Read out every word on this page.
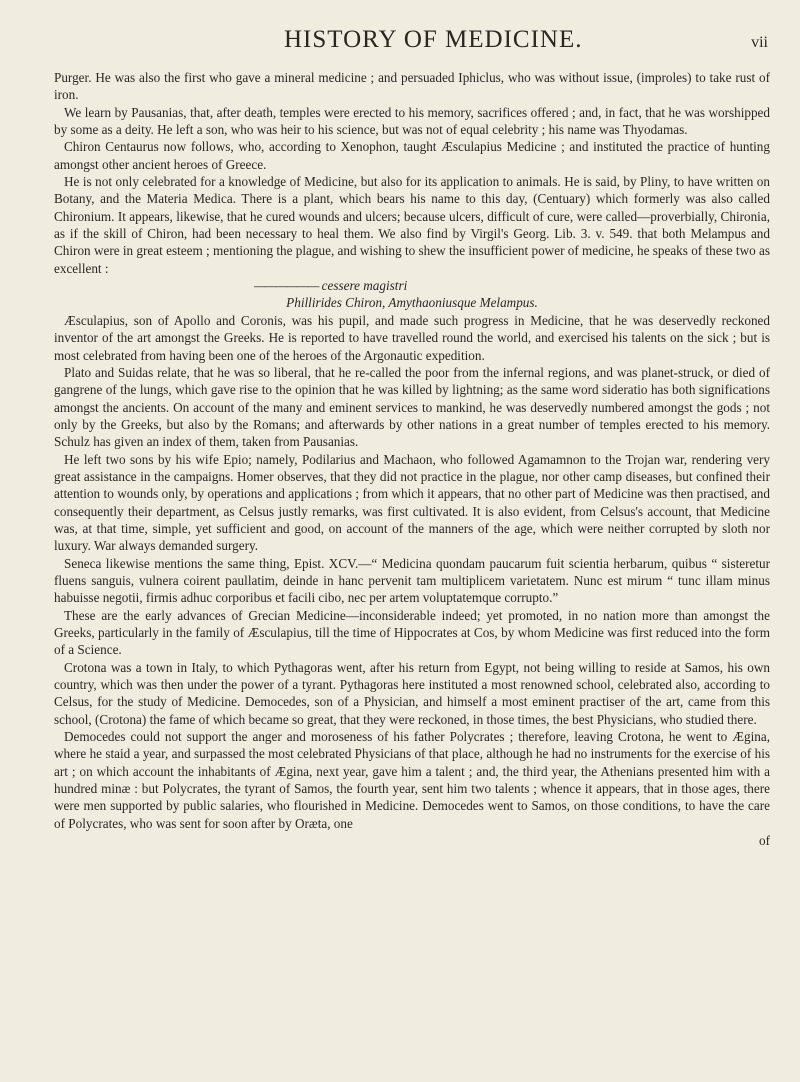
HISTORY OF MEDICINE.	vii

Purger. He was also the first who gave a mineral medicine ; and persuaded Iphiclus, who was without issue, (improles) to take rust of iron.

We learn by Pausanias, that, after death, temples were erected to his memory, sacrifices offered ; and, in fact, that he was worshipped by some as a deity. He left a son, who was heir to his science, but was not of equal celebrity ; his name was Thyodamas.

Chiron Centaurus now follows, who, according to Xenophon, taught Æsculapius Medicine ; and instituted the practice of hunting amongst other ancient heroes of Greece.

He is not only celebrated for a knowledge of Medicine, but also for its application to animals. He is said, by Pliny, to have written on Botany, and the Materia Medica. There is a plant, which bears his name to this day, (Centuary) which formerly was also called Chironium. It appears, likewise, that he cured wounds and ulcers; because ulcers, difficult of cure, were called—proverbially, Chironia, as if the skill of Chiron, had been necessary to heal them. We also find by Virgil's Georg. Lib. 3. v. 549. that both Melampus and Chiron were in great esteem ; mentioning the plague, and wishing to shew the insufficient power of medicine, he speaks of these two as excellent :

—————— cessere magistri

Phillirides Chiron, Amythaoniusque Melampus.

Æsculapius, son of Apollo and Coronis, was his pupil, and made such progress in Medicine, that he was deservedly reckoned inventor of the art amongst the Greeks. He is reported to have travelled round the world, and exercised his talents on the sick ; but is most celebrated from having been one of the heroes of the Argonautic expedition.

Plato and Suidas relate, that he was so liberal, that he re-called the poor from the infernal regions, and was planet-struck, or died of gangrene of the lungs, which gave rise to the opinion that he was killed by lightning; as the same word sideratio has both significations amongst the ancients. On account of the many and eminent services to mankind, he was deservedly numbered amongst the gods ; not only by the Greeks, but also by the Romans; and afterwards by other nations in a great number of temples erected to his memory. Schulz has given an index of them, taken from Pausanias.

He left two sons by his wife Epio; namely, Podilarius and Machaon, who followed Agamamnon to the Trojan war, rendering very great assistance in the campaigns. Homer observes, that they did not practice in the plague, nor other camp diseases, but confined their attention to wounds only, by operations and applications ; from which it appears, that no other part of Medicine was then practised, and consequently their department, as Celsus justly remarks, was first cultivated. It is also evident, from Celsus's account, that Medicine was, at that time, simple, yet sufficient and good, on account of the manners of the age, which were neither corrupted by sloth nor luxury. War always demanded surgery.

Seneca likewise mentions the same thing, Epist. XCV.—“ Medicina quondam paucarum fuit scientia herbarum, quibus “ sisteretur fluens sanguis, vulnera coirent paullatim, deinde in hanc pervenit tam multiplicem varietatem. Nunc est mirum “ tunc illam minus habuisse negotii, firmis adhuc corporibus et facili cibo, nec per artem voluptatemque corrupto.”

These are the early advances of Grecian Medicine—inconsiderable indeed; yet promoted, in no nation more than amongst the Greeks, particularly in the family of Æsculapius, till the time of Hippocrates at Cos, by whom Medicine was first reduced into the form of a Science.

Crotona was a town in Italy, to which Pythagoras went, after his return from Egypt, not being willing to reside at Samos, his own country, which was then under the power of a tyrant. Pythagoras here instituted a most renowned school, celebrated also, according to Celsus, for the study of Medicine. Democedes, son of a Physician, and himself a most eminent practiser of the art, came from this school, (Crotona) the fame of which became so great, that they were reckoned, in those times, the best Physicians, who studied there.

Democedes could not support the anger and moroseness of his father Polycrates ; therefore, leaving Crotona, he went to Ægina, where he staid a year, and surpassed the most celebrated Physicians of that place, although he had no instruments for the exercise of his art ; on which account the inhabitants of Ægina, next year, gave him a talent ; and, the third year, the Athenians presented him with a hundred minæ : but Polycrates, the tyrant of Samos, the fourth year, sent him two talents ; whence it appears, that in those ages, there were men supported by public salaries, who flourished in Medicine. Democedes went to Samos, on those conditions, to have the care of Polycrates, who was sent for soon after by Oræta, one

of
